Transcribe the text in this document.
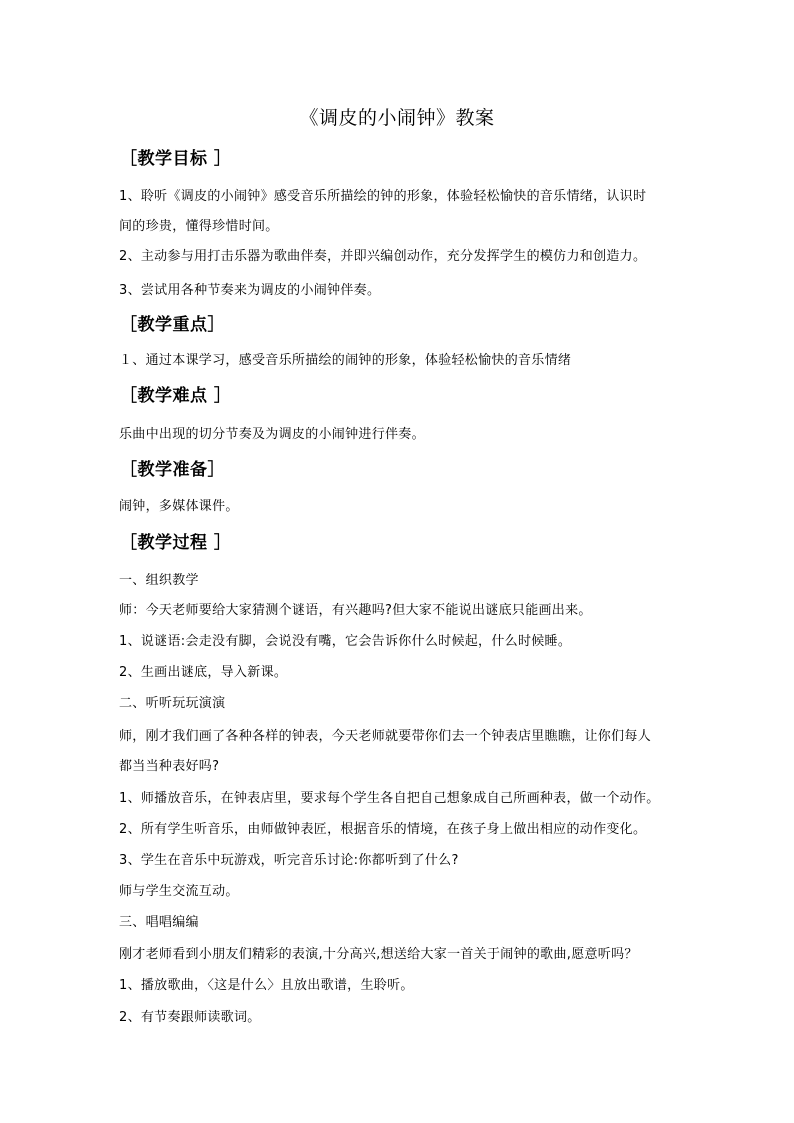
《调皮的小闹钟》教案
［教学目标 ］
1、聆听《调皮的小闹钟》感受音乐所描绘的钟的形象，体验轻松愉快的音乐情绪，认识时
间的珍贵，懂得珍惜时间。
2、主动参与用打击乐器为歌曲伴奏，并即兴编创动作，充分发挥学生的模仿力和创造力。
3、尝试用各种节奏来为调皮的小闹钟伴奏。
［教学重点］
１、通过本课学习，感受音乐所描绘的闹钟的形象，体验轻松愉快的音乐情绪
［教学难点 ］
乐曲中出现的切分节奏及为调皮的小闹钟进行伴奏。
［教学准备］
闹钟，多媒体课件。
［教学过程 ］
一、组织教学
师：今天老师要给大家猜测个谜语，有兴趣吗?但大家不能说出谜底只能画出来。
1、说谜语:会走没有脚，会说没有嘴，它会告诉你什么时候起，什么时候睡。
2、生画出谜底，导入新课。
二、听听玩玩演演
师，刚才我们画了各种各样的钟表，今天老师就要带你们去一个钟表店里瞧瞧，让你们每人
都当当种表好吗?
1、师播放音乐，在钟表店里，要求每个学生各自把自己想象成自己所画种表，做一个动作。
2、所有学生听音乐，由师做钟表匠，根据音乐的情境，在孩子身上做出相应的动作变化。
3、学生在音乐中玩游戏，听完音乐讨论:你都听到了什么?
师与学生交流互动。
三、唱唱编编
刚才老师看到小朋友们精彩的表演,十分高兴,想送给大家一首关于闹钟的歌曲,愿意听吗？
1、播放歌曲，〈这是什么〉且放出歌谱，生聆听。
2、有节奏跟师读歌词。
